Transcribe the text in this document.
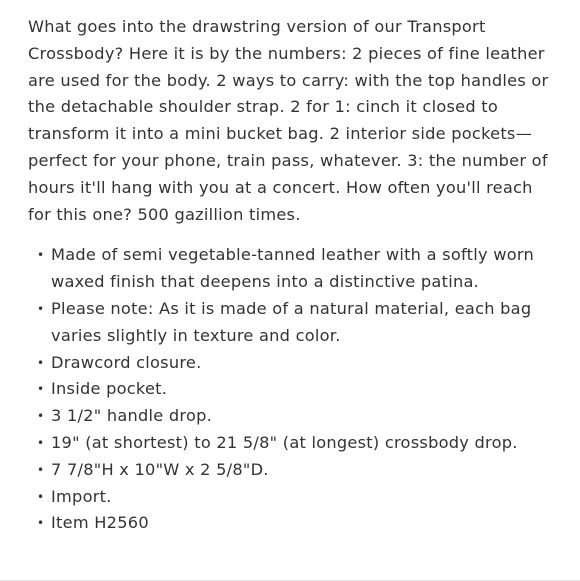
What goes into the drawstring version of our Transport Crossbody? Here it is by the numbers: 2 pieces of fine leather are used for the body. 2 ways to carry: with the top handles or the detachable shoulder strap. 2 for 1: cinch it closed to transform it into a mini bucket bag. 2 interior side pockets—perfect for your phone, train pass, whatever. 3: the number of hours it'll hang with you at a concert. How often you'll reach for this one? 500 gazillion times.

• Made of semi vegetable-tanned leather with a softly worn waxed finish that deepens into a distinctive patina.
• Please note: As it is made of a natural material, each bag varies slightly in texture and color.
• Drawcord closure.
• Inside pocket.
• 3 1/2" handle drop.
• 19" (at shortest) to 21 5/8" (at longest) crossbody drop.
• 7 7/8"H x 10"W x 2 5/8"D.
• Import.
• Item H2560
